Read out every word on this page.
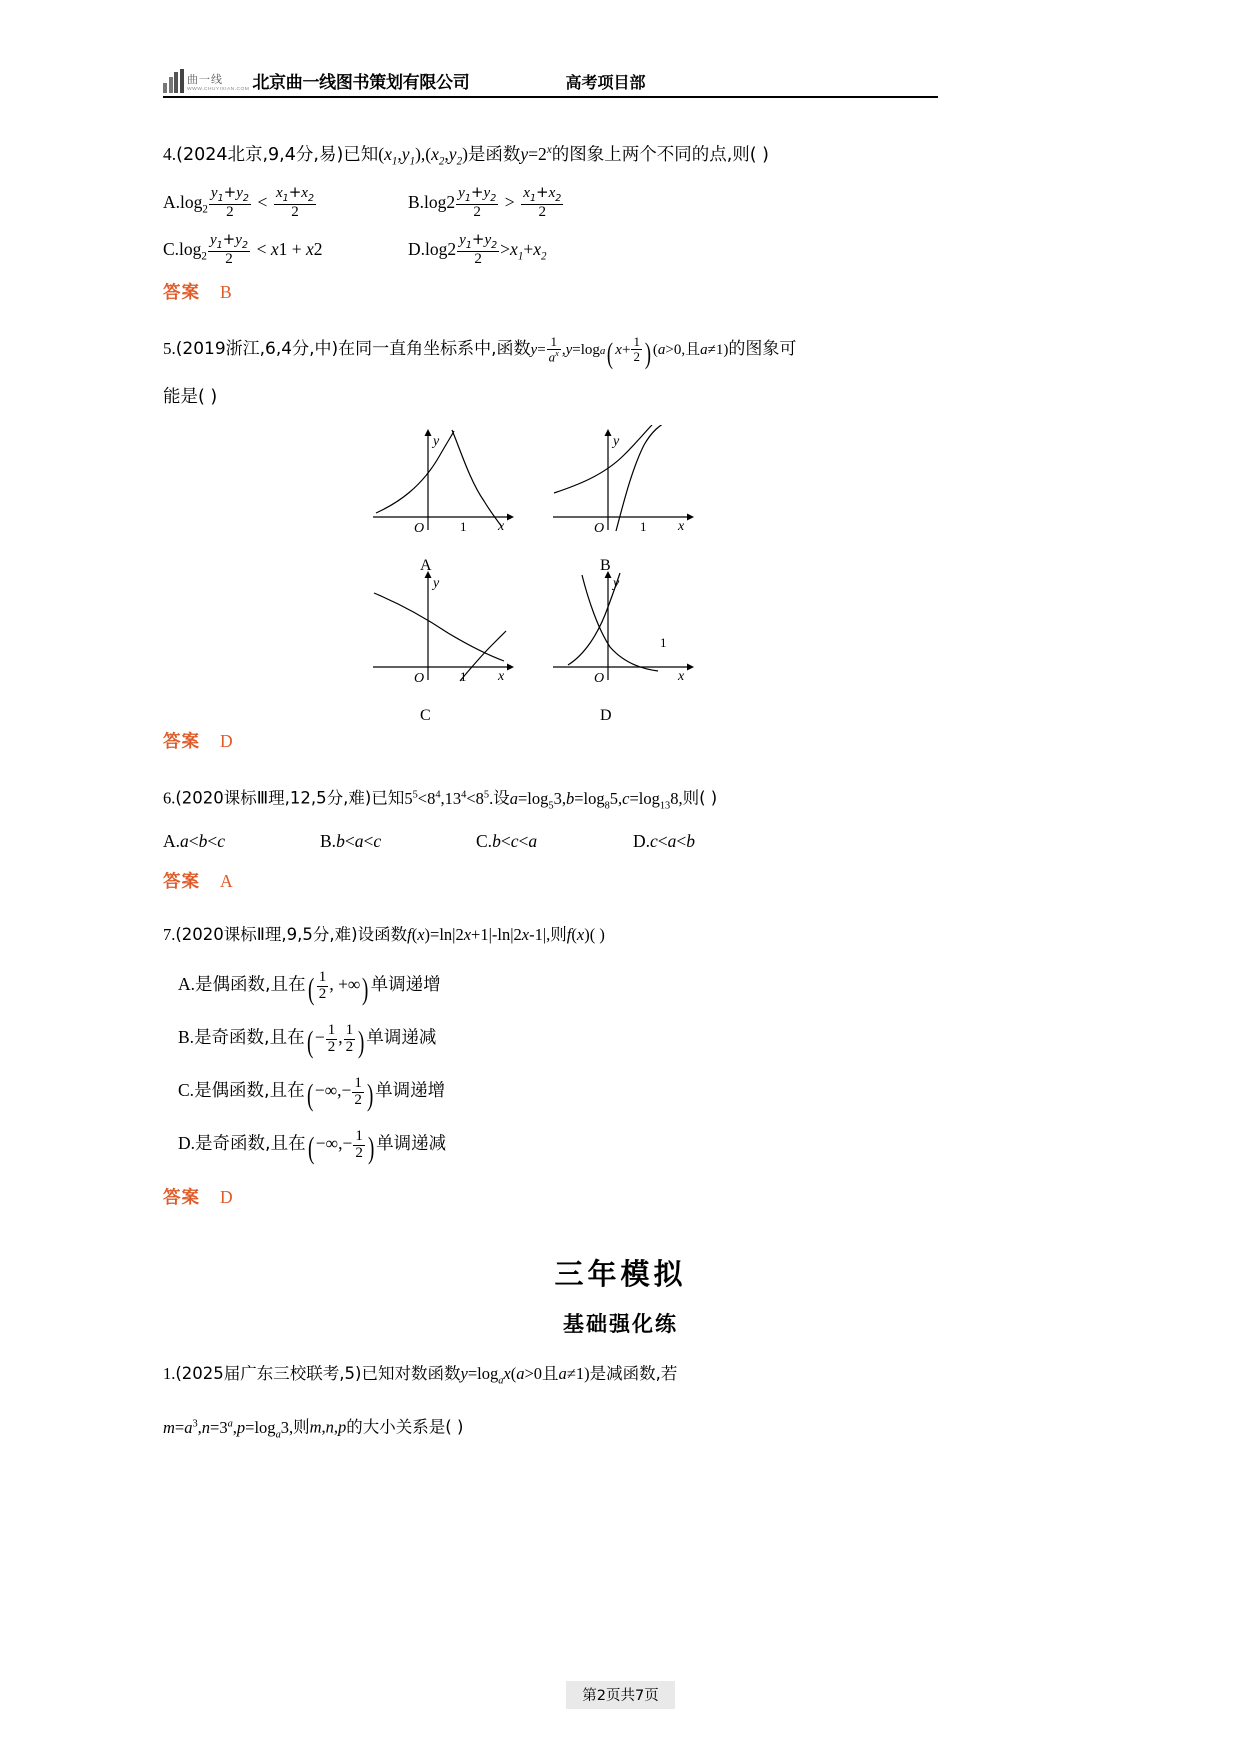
曲一线
WWW.CHUYIXIAN.COM 北京曲一线图书策划有限公司	高考项目部
4.(2024北京,9,4分,易)已知$(x_1,y_1),(x_2,y_2)$是函数$y=2^x$的图象上两个不同的点,则( )
$A.\log_2 \frac{y_1+y_2}{2} < \frac{x_1+x_2}{2}$	$B.\log 2 \frac{y_1+y_2}{2} > \frac{x_1+x_2}{2}$
$C.\log_2 \frac{y_1+y_2}{2} < x1 + x2$	$D.\log 2 \frac{y_1+y_2}{2} >x_1+x_2$
答案 B
5.(2019浙江,6,4分,中)在同一直角坐标系中,函数$y= \frac{1}{a^x} ,y=\log a$( $x+ \frac{1}{2}$ ) (a>0,且a≠1)的图象可
能是( )
O	1 x
y
A
O	1 x
y
B
O	1 x
y
C
O
1
x
y
D
答案 D
6.(2020课标Ⅲ理,12,5分,难)已知$5^5<8^4,13^4<8^5$.设$a=\log_53,b=\log_85,c=\log_{13}8$,则( )
A.a<b<c	B.b<a<c	C.b<c<a	D.c<a<b
答案 A
7.(2020课标Ⅱ理,9,5分,难)设函数f(x)=ln|2x+1|-ln|2x-1|,则f(x)( )
A.是偶函数,且在( $\frac{1}{2}$ , +∞) 单调递增
B.是奇函数,且在( − $\frac{1}{2}$ , $\frac{1}{2}$ ) 单调递减
C.是偶函数,且在( −∞,− $\frac{1}{2}$ ) 单调递增
D.是奇函数,且在( −∞,− $\frac{1}{2}$ ) 单调递减
答案 D
三年模拟
基础强化练
1.(2025届广东三校联考,5)已知对数函数$y=\log_ax(a>0$且a≠1)是减函数,若
$m=a^3,n=3^a,p=\log_a3$,则m,n,p的大小关系是( )
第2页共7页
